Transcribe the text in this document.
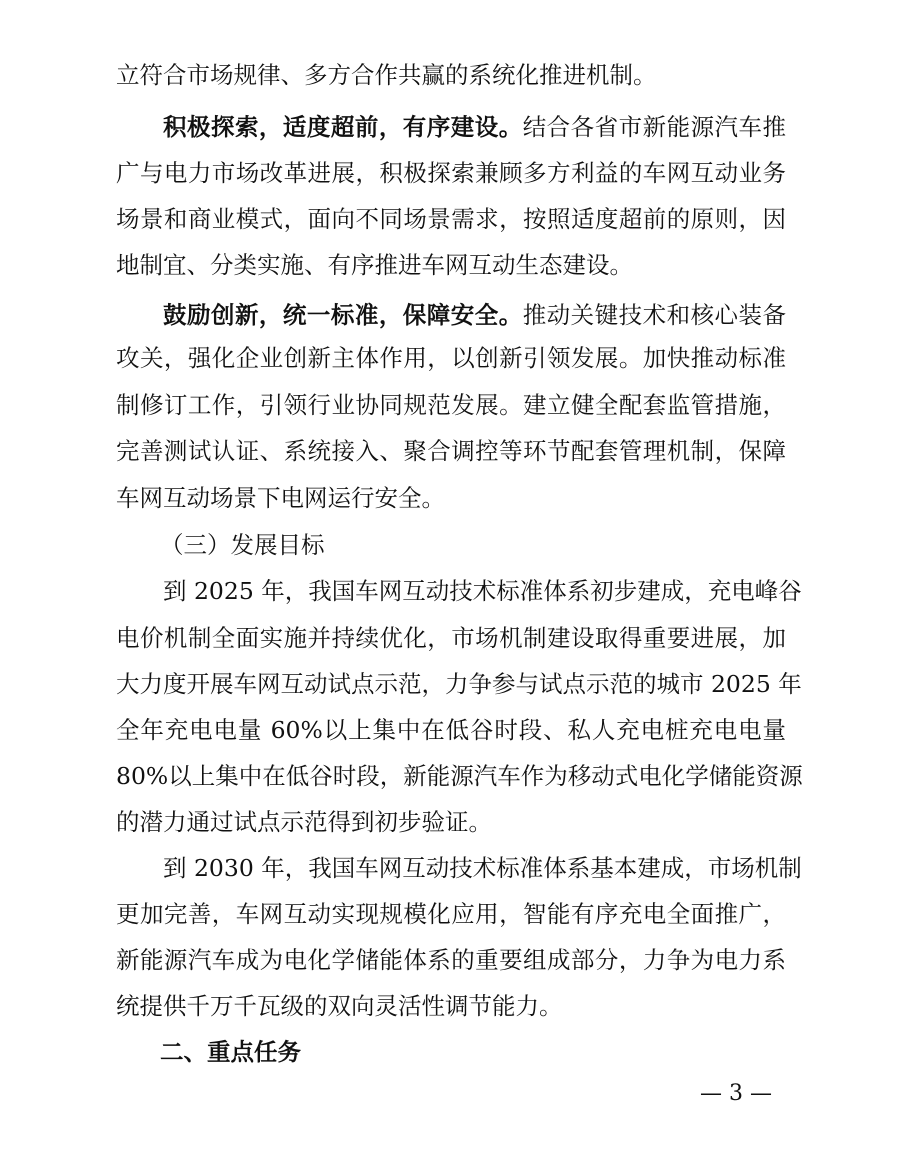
立符合市场规律、多方合作共赢的系统化推进机制。
积极探索，适度超前，有序建设。结合各省市新能源汽车推
广与电力市场改革进展，积极探索兼顾多方利益的车网互动业务
场景和商业模式，面向不同场景需求，按照适度超前的原则，因
地制宜、分类实施、有序推进车网互动生态建设。
鼓励创新，统一标准，保障安全。推动关键技术和核心装备
攻关，强化企业创新主体作用，以创新引领发展。加快推动标准
制修订工作，引领行业协同规范发展。建立健全配套监管措施，
完善测试认证、系统接入、聚合调控等环节配套管理机制，保障
车网互动场景下电网运行安全。
（三）发展目标
到 2025 年，我国车网互动技术标准体系初步建成，充电峰谷
电价机制全面实施并持续优化，市场机制建设取得重要进展，加
大力度开展车网互动试点示范，力争参与试点示范的城市 2025 年
全年充电电量 60%以上集中在低谷时段、私人充电桩充电电量
80%以上集中在低谷时段，新能源汽车作为移动式电化学储能资源
的潜力通过试点示范得到初步验证。
到 2030 年，我国车网互动技术标准体系基本建成，市场机制
更加完善，车网互动实现规模化应用，智能有序充电全面推广，
新能源汽车成为电化学储能体系的重要组成部分，力争为电力系
统提供千万千瓦级的双向灵活性调节能力。
二、重点任务
— 3 —
